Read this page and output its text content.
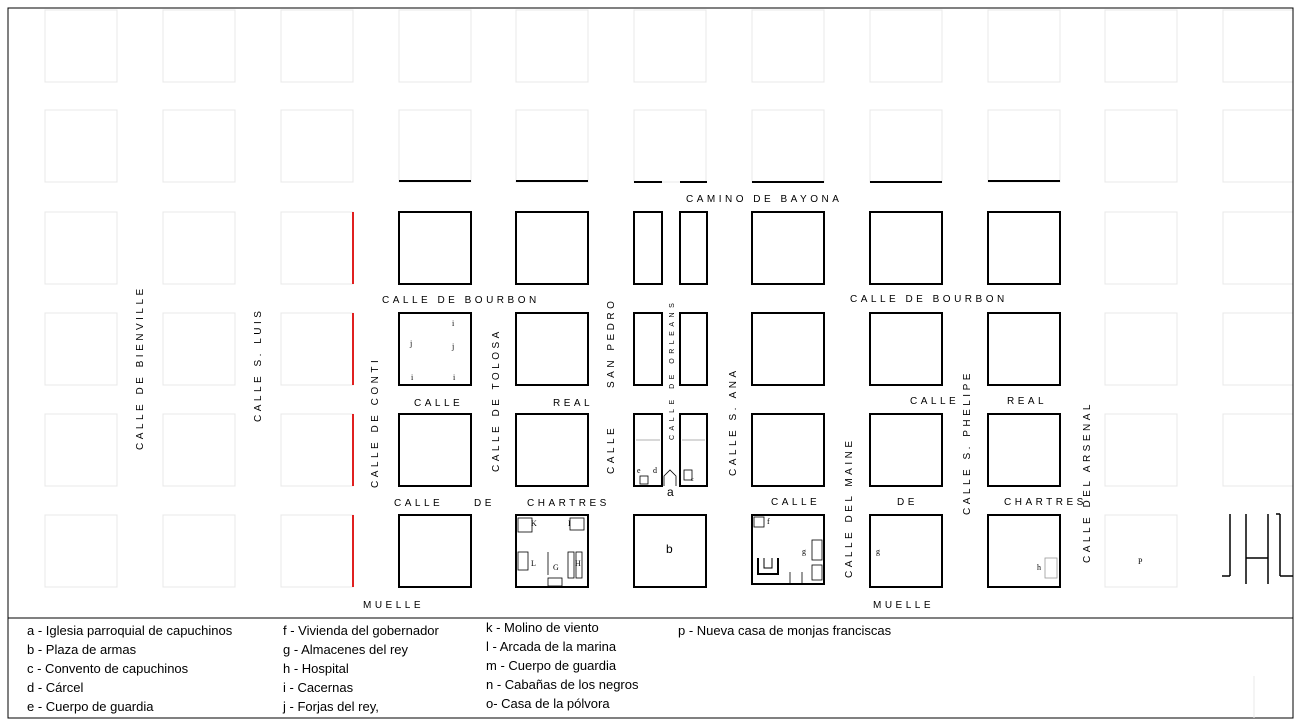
CAMINO DE BAYONA
CALLE DE BOURBON	CALLE DE BOURBON
CALLE	REAL	CALLE	REAL
CALLE	DE	CHARTRES	CALLE	DE	CHARTRES
MUELLE	MUELLE
CALLE DE BIENVILLE	CALLE S. LUIS	CALLE DE CONTI	CALLE DE TOLOSA	SAN PEDRO
CALLE
CALLE DE ORLEANS	CALLE S. ANA
CALLE DEL MAINE	CALLE S. PHELIPE	CALLE DEL ARSENAL
i
j	j
i	i
e d
c
a
b
K	I
L G H
f
g	g
h
P
a - Iglesia parroquial de capuchinos
b - Plaza de armas
c - Convento de capuchinos
d - Cárcel
e - Cuerpo de guardia
f - Vivienda del gobernador
g - Almacenes del rey
h - Hospital
i - Cacernas
j - Forjas del rey,
k - Molino de viento
l - Arcada de la marina
m - Cuerpo de guardia
n - Cabañas de los negros
o- Casa de la pólvora
p - Nueva casa de monjas franciscas
